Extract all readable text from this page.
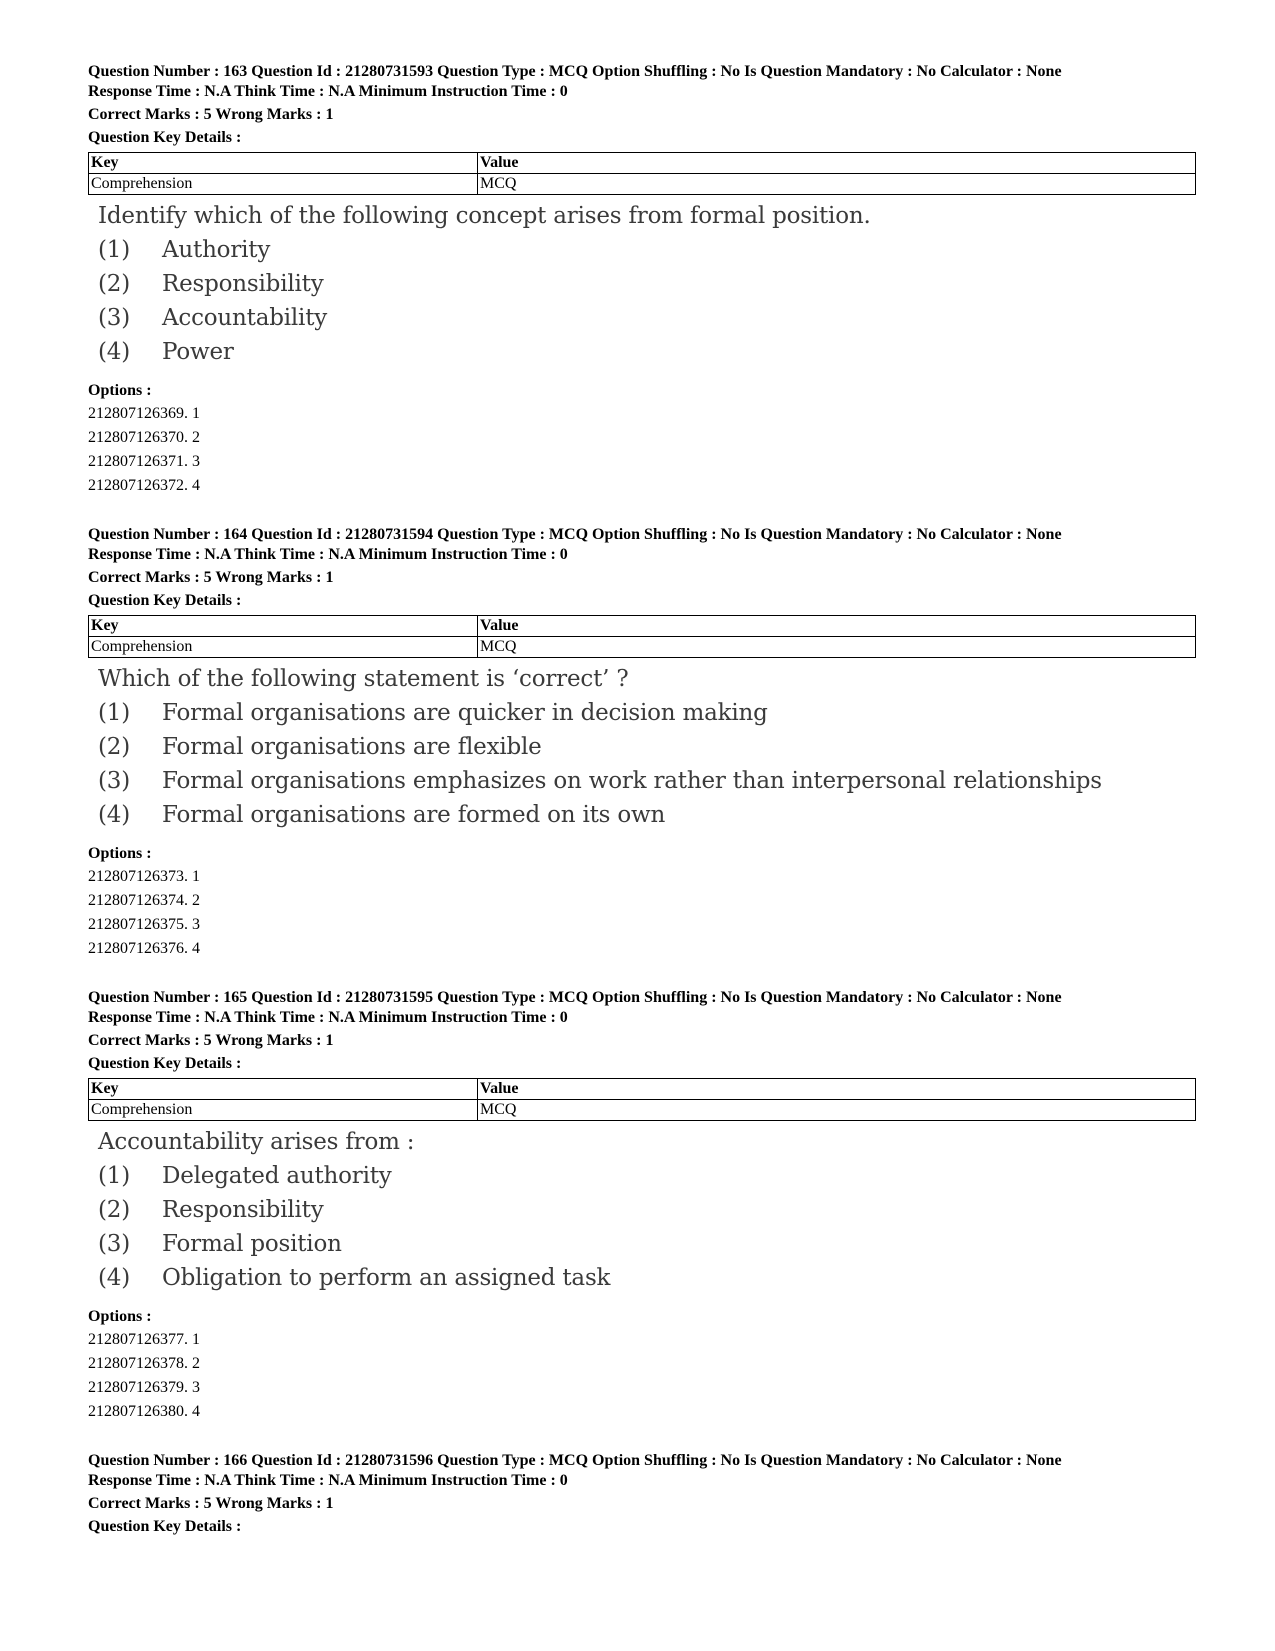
Question Number : 163 Question Id : 21280731593 Question Type : MCQ Option Shuffling : No Is Question Mandatory : No Calculator : None
Response Time : N.A Think Time : N.A Minimum Instruction Time : 0
Correct Marks : 5 Wrong Marks : 1
Question Key Details :
Key	Value
Comprehension	MCQ
Identify which of the following concept arises from formal position.
(1)	Authority
(2)	Responsibility
(3)	Accountability
(4)	Power
Options :
212807126369. 1
212807126370. 2
212807126371. 3
212807126372. 4
Question Number : 164 Question Id : 21280731594 Question Type : MCQ Option Shuffling : No Is Question Mandatory : No Calculator : None
Response Time : N.A Think Time : N.A Minimum Instruction Time : 0
Correct Marks : 5 Wrong Marks : 1
Question Key Details :
Key	Value
Comprehension	MCQ
Which of the following statement is ‘correct’ ?
(1)	Formal organisations are quicker in decision making
(2)	Formal organisations are flexible
(3)	Formal organisations emphasizes on work rather than interpersonal relationships
(4)	Formal organisations are formed on its own
Options :
212807126373. 1
212807126374. 2
212807126375. 3
212807126376. 4
Question Number : 165 Question Id : 21280731595 Question Type : MCQ Option Shuffling : No Is Question Mandatory : No Calculator : None
Response Time : N.A Think Time : N.A Minimum Instruction Time : 0
Correct Marks : 5 Wrong Marks : 1
Question Key Details :
Key	Value
Comprehension	MCQ
Accountability arises from :
(1)	Delegated authority
(2)	Responsibility
(3)	Formal position
(4)	Obligation to perform an assigned task
Options :
212807126377. 1
212807126378. 2
212807126379. 3
212807126380. 4
Question Number : 166 Question Id : 21280731596 Question Type : MCQ Option Shuffling : No Is Question Mandatory : No Calculator : None
Response Time : N.A Think Time : N.A Minimum Instruction Time : 0
Correct Marks : 5 Wrong Marks : 1
Question Key Details :
